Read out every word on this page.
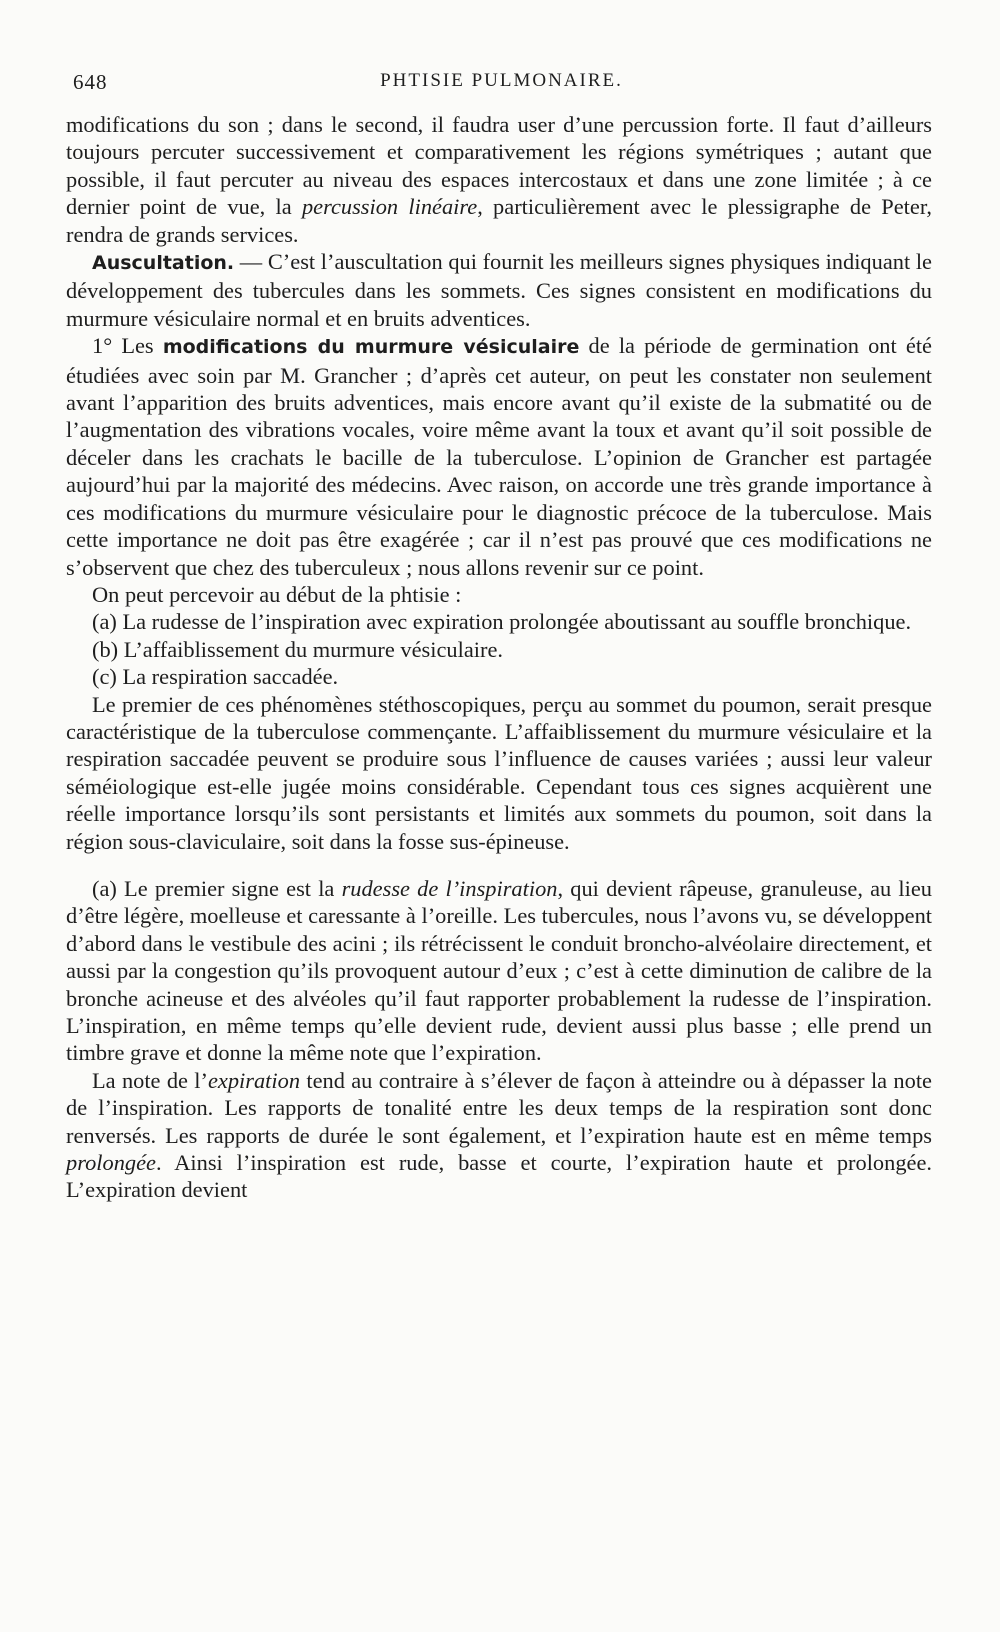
648	PHTISIE PULMONAIRE.

modifications du son ; dans le second, il faudra user d’une percussion forte. Il faut d’ailleurs toujours percuter successivement et comparativement les régions symétriques ; autant que possible, il faut percuter au niveau des espaces intercostaux et dans une zone limitée ; à ce dernier point de vue, la percussion linéaire, particulièrement avec le plessigraphe de Peter, rendra de grands services.

Auscultation. — C’est l’auscultation qui fournit les meilleurs signes physiques indiquant le développement des tubercules dans les sommets. Ces signes consistent en modifications du murmure vésiculaire normal et en bruits adventices.

1° Les modifications du murmure vésiculaire de la période de germination ont été étudiées avec soin par M. Grancher ; d’après cet auteur, on peut les constater non seulement avant l’apparition des bruits adventices, mais encore avant qu’il existe de la submatité ou de l’augmentation des vibrations vocales, voire même avant la toux et avant qu’il soit possible de déceler dans les crachats le bacille de la tuberculose. L’opinion de Grancher est partagée aujourd’hui par la majorité des médecins. Avec raison, on accorde une très grande importance à ces modifications du murmure vésiculaire pour le diagnostic précoce de la tuberculose. Mais cette importance ne doit pas être exagérée ; car il n’est pas prouvé que ces modifications ne s’observent que chez des tuberculeux ; nous allons revenir sur ce point.

On peut percevoir au début de la phtisie :

(a) La rudesse de l’inspiration avec expiration prolongée aboutissant au souffle bronchique.

(b) L’affaiblissement du murmure vésiculaire.

(c) La respiration saccadée.

Le premier de ces phénomènes stéthoscopiques, perçu au sommet du poumon, serait presque caractéristique de la tuberculose commençante. L’affaiblissement du murmure vésiculaire et la respiration saccadée peuvent se produire sous l’influence de causes variées ; aussi leur valeur séméiologique est-elle jugée moins considérable. Cependant tous ces signes acquièrent une réelle importance lorsqu’ils sont persistants et limités aux sommets du poumon, soit dans la région sous-claviculaire, soit dans la fosse sus-épineuse.

(a) Le premier signe est la rudesse de l’inspiration, qui devient râpeuse, granuleuse, au lieu d’être légère, moelleuse et caressante à l’oreille. Les tubercules, nous l’avons vu, se développent d’abord dans le vestibule des acini ; ils rétrécissent le conduit broncho-alvéolaire directement, et aussi par la congestion qu’ils provoquent autour d’eux ; c’est à cette diminution de calibre de la bronche acineuse et des alvéoles qu’il faut rapporter probablement la rudesse de l’inspiration. L’inspiration, en même temps qu’elle devient rude, devient aussi plus basse ; elle prend un timbre grave et donne la même note que l’expiration.

La note de l’expiration tend au contraire à s’élever de façon à atteindre ou à dépasser la note de l’inspiration. Les rapports de tonalité entre les deux temps de la respiration sont donc renversés. Les rapports de durée le sont également, et l’expiration haute est en même temps prolongée. Ainsi l’inspiration est rude, basse et courte, l’expiration haute et prolongée. L’expiration devient
